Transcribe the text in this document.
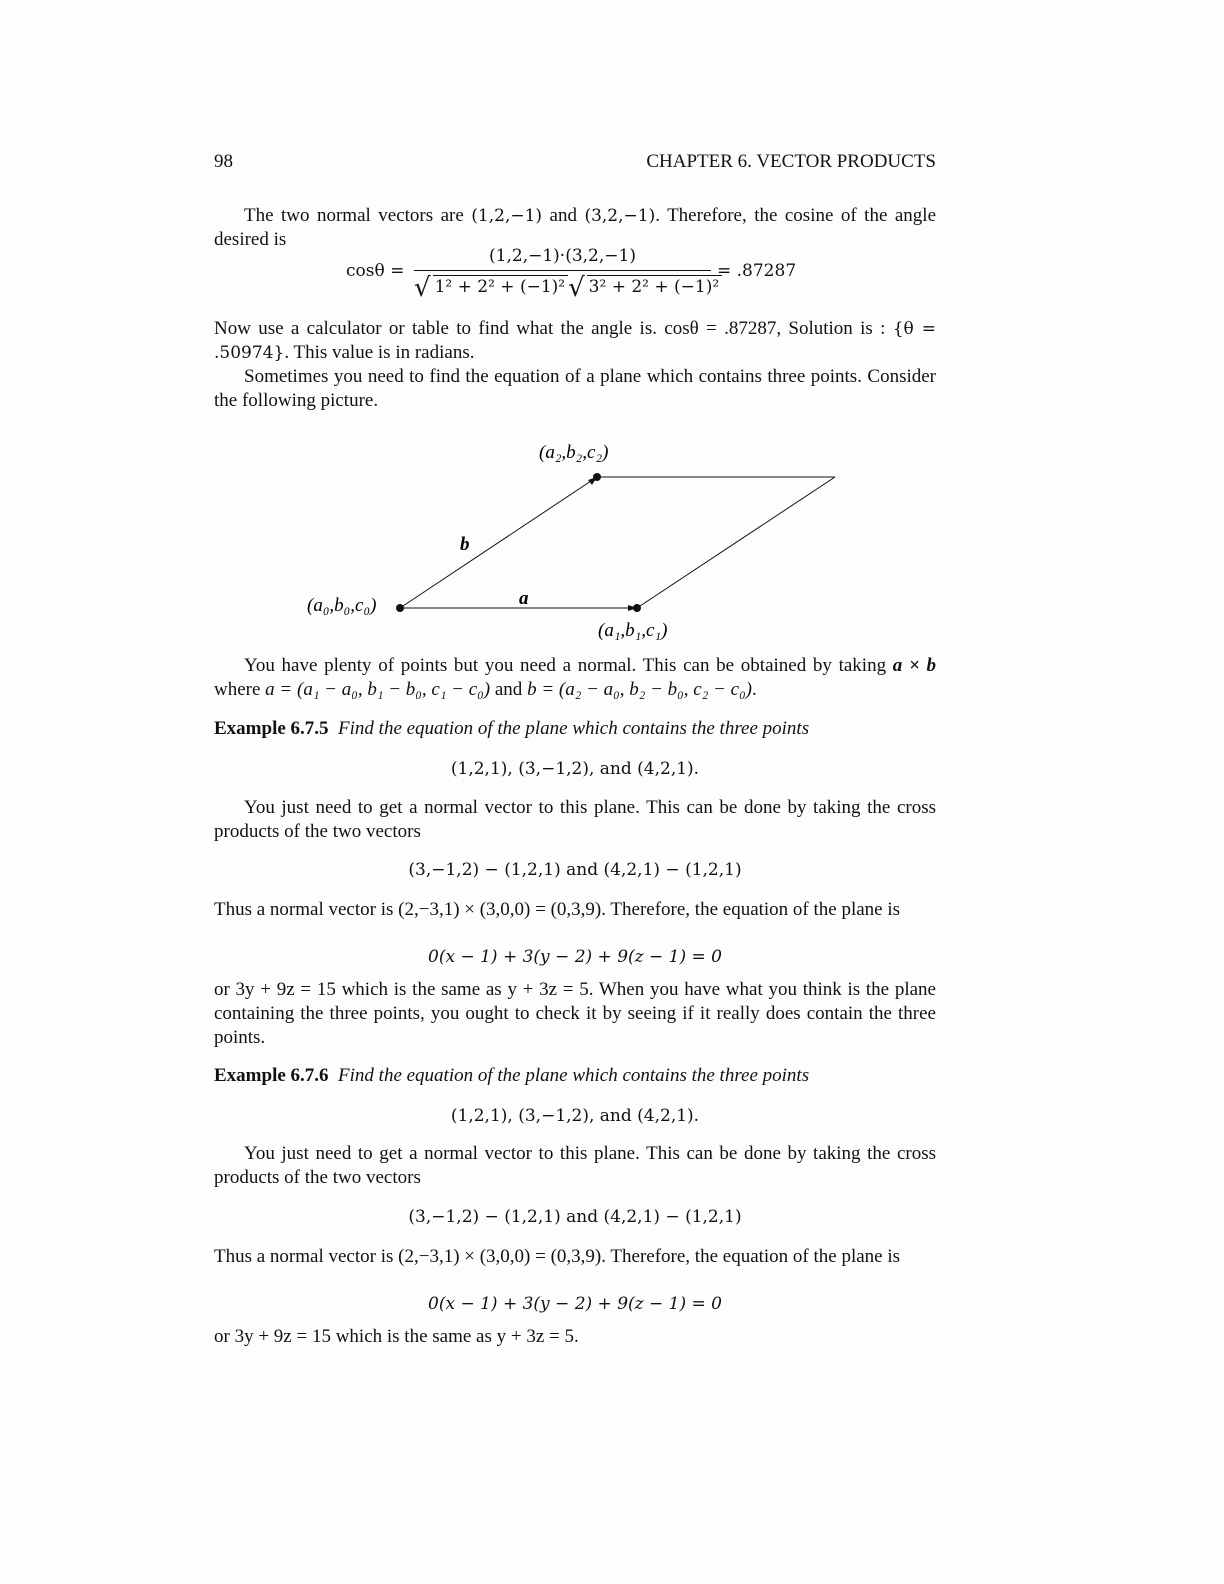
98	CHAPTER 6. VECTOR PRODUCTS
The two normal vectors are (1,2,−1) and (3,2,−1). Therefore, the cosine of the angle desired is
$\cos\theta = \frac{(1,2,-1)\cdot(3,2,-1)}{\text{√ 1² + 2² + (−1)² √ 3² + 2² + (−1)²}} = .87287$
Now use a calculator or table to find what the angle is. cosθ = .87287, Solution is : {θ = .50974}. This value is in radians.
Sometimes you need to find the equation of a plane which contains three points. Consider the following picture.
(a₀,b₀,c₀)
(a₁,b₁,c₁)
(a₂,b₂,c₂)
a
b
You have plenty of points but you need a normal. This can be obtained by taking a × b where a = (a₁ − a₀, b₁ − b₀, c₁ − c₀) and b = (a₂ − a₀, b₂ − b₀, c₂ − c₀).
Example 6.7.5 Find the equation of the plane which contains the three points
(1,2,1), (3,−1,2), and (4,2,1).
You just need to get a normal vector to this plane. This can be done by taking the cross products of the two vectors
(3,−1,2) − (1,2,1) and (4,2,1) − (1,2,1)
Thus a normal vector is (2,−3,1) × (3,0,0) = (0,3,9). Therefore, the equation of the plane is
0(x − 1) + 3(y − 2) + 9(z − 1) = 0
or 3y + 9z = 15 which is the same as y + 3z = 5. When you have what you think is the plane containing the three points, you ought to check it by seeing if it really does contain the three points.
Example 6.7.6 Find the equation of the plane which contains the three points
(1,2,1), (3,−1,2), and (4,2,1).
You just need to get a normal vector to this plane. This can be done by taking the cross products of the two vectors
(3,−1,2) − (1,2,1) and (4,2,1) − (1,2,1)
Thus a normal vector is (2,−3,1) × (3,0,0) = (0,3,9). Therefore, the equation of the plane is
0(x − 1) + 3(y − 2) + 9(z − 1) = 0
or 3y + 9z = 15 which is the same as y + 3z = 5.
